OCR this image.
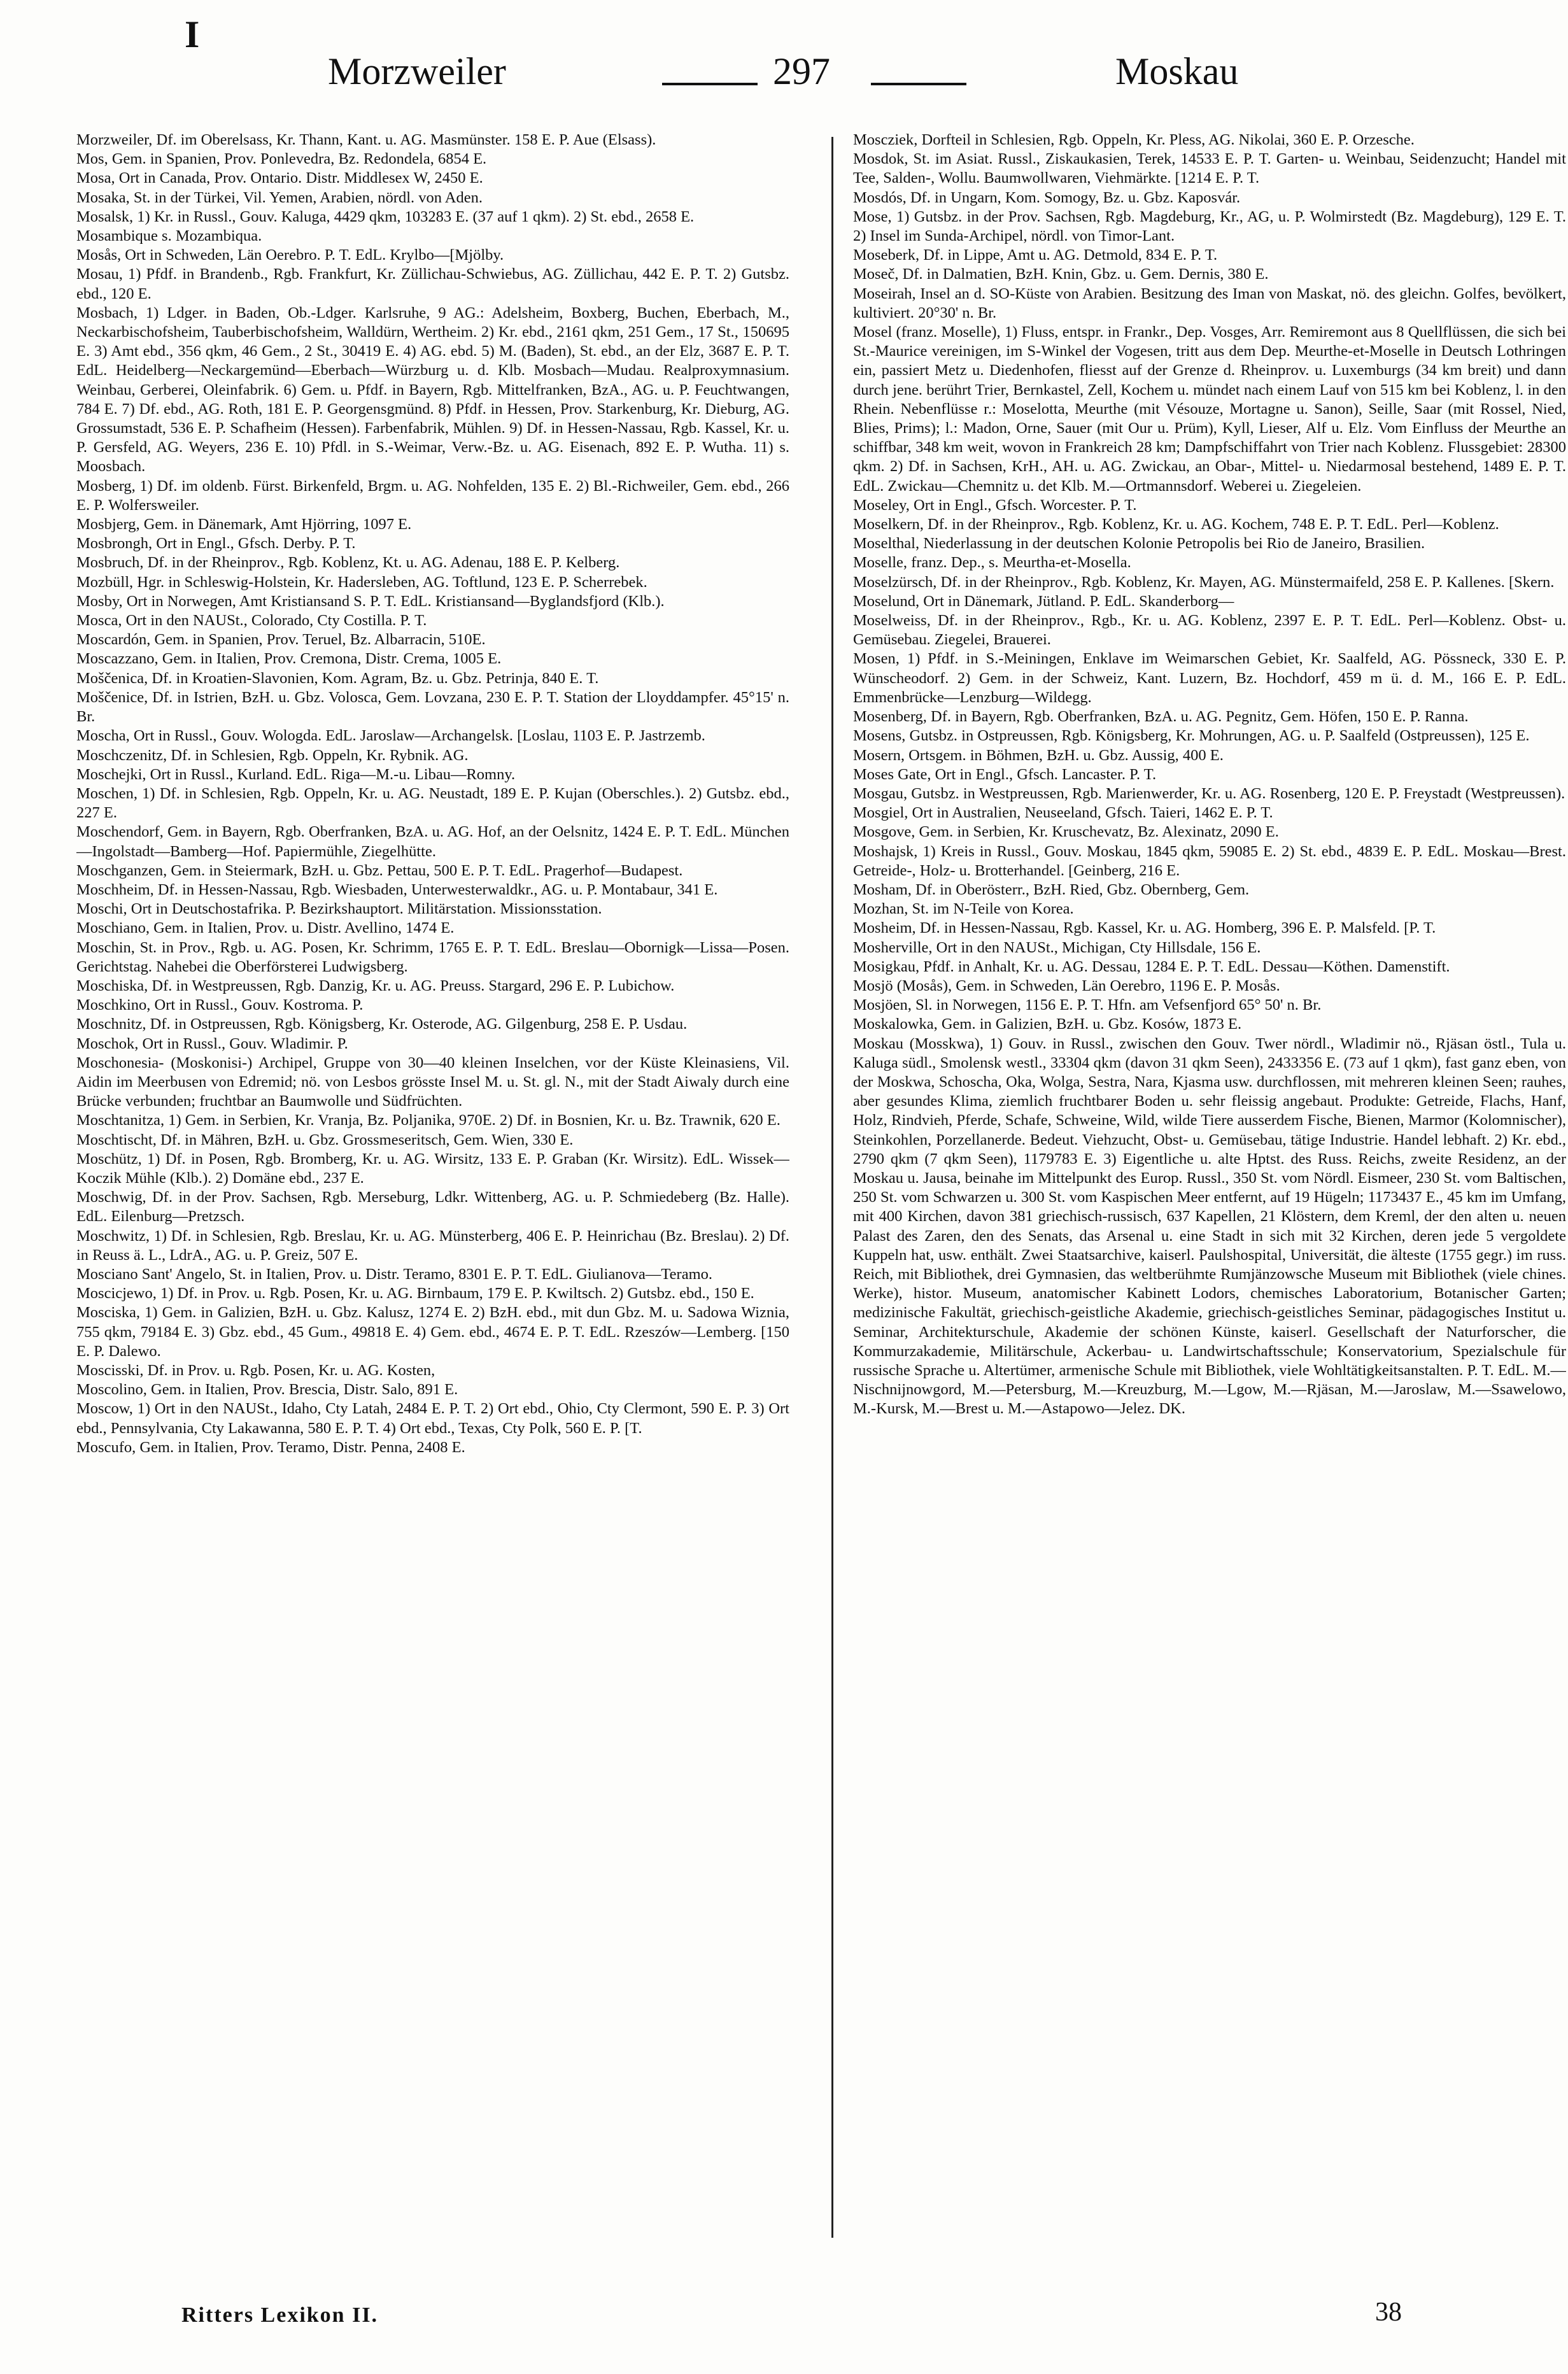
I
Morzweiler	297	Moskau

Morzweiler, Df. im Oberelsass, Kr. Thann, Kant. u. AG. Masmünster. 158 E. P. Aue (Elsass).

Mos, Gem. in Spanien, Prov. Ponlevedra, Bz. Redondela, 6854 E.

Mosa, Ort in Canada, Prov. Ontario. Distr. Middlesex W, 2450 E.

Mosaka, St. in der Türkei, Vil. Yemen, Arabien, nördl. von Aden.

Mosalsk, 1) Kr. in Russl., Gouv. Kaluga, 4429 qkm, 103283 E. (37 auf 1 qkm). 2) St. ebd., 2658 E.

Mosambique s. Mozambiqua.

Mosås, Ort in Schweden, Län Oerebro. P. T. EdL. Krylbo—[Mjölby.

Mosau, 1) Pfdf. in Brandenb., Rgb. Frankfurt, Kr. Züllichau-Schwiebus, AG. Züllichau, 442 E. P. T. 2) Gutsbz. ebd., 120 E.

Mosbach, 1) Ldger. in Baden, Ob.-Ldger. Karlsruhe, 9 AG.: Adelsheim, Boxberg, Buchen, Eberbach, M., Neckarbischofsheim, Tauberbischofsheim, Walldürn, Wertheim. 2) Kr. ebd., 2161 qkm, 251 Gem., 17 St., 150695 E. 3) Amt ebd., 356 qkm, 46 Gem., 2 St., 30419 E. 4) AG. ebd. 5) M. (Baden), St. ebd., an der Elz, 3687 E. P. T. EdL. Heidelberg—Neckargemünd—Eberbach—Würzburg u. d. Klb. Mosbach—Mudau. Realproxymnasium. Weinbau, Gerberei, Oleinfabrik. 6) Gem. u. Pfdf. in Bayern, Rgb. Mittelfranken, BzA., AG. u. P. Feuchtwangen, 784 E. 7) Df. ebd., AG. Roth, 181 E. P. Georgensgmünd. 8) Pfdf. in Hessen, Prov. Starkenburg, Kr. Dieburg, AG. Grossumstadt, 536 E. P. Schafheim (Hessen). Farbenfabrik, Mühlen. 9) Df. in Hessen-Nassau, Rgb. Kassel, Kr. u. P. Gersfeld, AG. Weyers, 236 E. 10) Pfdl. in S.-Weimar, Verw.-Bz. u. AG. Eisenach, 892 E. P. Wutha. 11) s. Moosbach.

Mosberg, 1) Df. im oldenb. Fürst. Birkenfeld, Brgm. u. AG. Nohfelden, 135 E. 2) Bl.-Richweiler, Gem. ebd., 266 E. P. Wolfersweiler.

Mosbjerg, Gem. in Dänemark, Amt Hjörring, 1097 E.

Mosbrongh, Ort in Engl., Gfsch. Derby. P. T.

Mosbruch, Df. in der Rheinprov., Rgb. Koblenz, Kt. u. AG. Adenau, 188 E. P. Kelberg.

Mozbüll, Hgr. in Schleswig-Holstein, Kr. Hadersleben, AG. Toftlund, 123 E. P. Scherrebek.

Mosby, Ort in Norwegen, Amt Kristiansand S. P. T. EdL. Kristiansand—Byglandsfjord (Klb.).

Mosca, Ort in den NAUSt., Colorado, Cty Costilla. P. T.

Moscardón, Gem. in Spanien, Prov. Teruel, Bz. Albarracin, 510E.

Moscazzano, Gem. in Italien, Prov. Cremona, Distr. Crema, 1005 E.

Moščenica, Df. in Kroatien-Slavonien, Kom. Agram, Bz. u. Gbz. Petrinja, 840 E. T.

Moščenice, Df. in Istrien, BzH. u. Gbz. Volosca, Gem. Lovzana, 230 E. P. T. Station der Lloyddampfer. 45°15' n. Br.

Moscha, Ort in Russl., Gouv. Wologda. EdL. Jaroslaw—Archangelsk. [Loslau, 1103 E. P. Jastrzemb.

Moschczenitz, Df. in Schlesien, Rgb. Oppeln, Kr. Rybnik. AG.

Moschejki, Ort in Russl., Kurland. EdL. Riga—M.-u. Libau—Romny.

Moschen, 1) Df. in Schlesien, Rgb. Oppeln, Kr. u. AG. Neustadt, 189 E. P. Kujan (Oberschles.). 2) Gutsbz. ebd., 227 E.

Moschendorf, Gem. in Bayern, Rgb. Oberfranken, BzA. u. AG. Hof, an der Oelsnitz, 1424 E. P. T. EdL. München—Ingolstadt—Bamberg—Hof. Papiermühle, Ziegelhütte.

Moschganzen, Gem. in Steiermark, BzH. u. Gbz. Pettau, 500 E. P. T. EdL. Pragerhof—Budapest.

Moschheim, Df. in Hessen-Nassau, Rgb. Wiesbaden, Unterwesterwaldkr., AG. u. P. Montabaur, 341 E.

Moschi, Ort in Deutschostafrika. P. Bezirkshauptort. Militärstation. Missionsstation.

Moschiano, Gem. in Italien, Prov. u. Distr. Avellino, 1474 E.

Moschin, St. in Prov., Rgb. u. AG. Posen, Kr. Schrimm, 1765 E. P. T. EdL. Breslau—Obornigk—Lissa—Posen. Gerichtstag. Nahebei die Oberförsterei Ludwigsberg.

Moschiska, Df. in Westpreussen, Rgb. Danzig, Kr. u. AG. Preuss. Stargard, 296 E. P. Lubichow.

Moschkino, Ort in Russl., Gouv. Kostroma. P.

Moschnitz, Df. in Ostpreussen, Rgb. Königsberg, Kr. Osterode, AG. Gilgenburg, 258 E. P. Usdau.

Moschok, Ort in Russl., Gouv. Wladimir. P.

Moschonesia- (Moskonisi-) Archipel, Gruppe von 30—40 kleinen Inselchen, vor der Küste Kleinasiens, Vil. Aidin im Meerbusen von Edremid; nö. von Lesbos grösste Insel M. u. St. gl. N., mit der Stadt Aiwaly durch eine Brücke verbunden; fruchtbar an Baumwolle und Südfrüchten.

Moschtanitza, 1) Gem. in Serbien, Kr. Vranja, Bz. Poljanika, 970E. 2) Df. in Bosnien, Kr. u. Bz. Trawnik, 620 E.

Moschtischt, Df. in Mähren, BzH. u. Gbz. Grossmeseritsch, Gem. Wien, 330 E.

Moschütz, 1) Df. in Posen, Rgb. Bromberg, Kr. u. AG. Wirsitz, 133 E. P. Graban (Kr. Wirsitz). EdL. Wissek—Koczik Mühle (Klb.). 2) Domäne ebd., 237 E.

Moschwig, Df. in der Prov. Sachsen, Rgb. Merseburg, Ldkr. Wittenberg, AG. u. P. Schmiedeberg (Bz. Halle). EdL. Eilenburg—Pretzsch.

Moschwitz, 1) Df. in Schlesien, Rgb. Breslau, Kr. u. AG. Münsterberg, 406 E. P. Heinrichau (Bz. Breslau). 2) Df. in Reuss ä. L., LdrA., AG. u. P. Greiz, 507 E.

Mosciano Sant' Angelo, St. in Italien, Prov. u. Distr. Teramo, 8301 E. P. T. EdL. Giulianova—Teramo.

Moscicjewo, 1) Df. in Prov. u. Rgb. Posen, Kr. u. AG. Birnbaum, 179 E. P. Kwiltsch. 2) Gutsbz. ebd., 150 E.

Mosciska, 1) Gem. in Galizien, BzH. u. Gbz. Kalusz, 1274 E. 2) BzH. ebd., mit dun Gbz. M. u. Sadowa Wiznia, 755 qkm, 79184 E. 3) Gbz. ebd., 45 Gum., 49818 E. 4) Gem. ebd., 4674 E. P. T. EdL. Rzeszów—Lemberg. [150 E. P. Dalewo.

Moscisski, Df. in Prov. u. Rgb. Posen, Kr. u. AG. Kosten,

Moscolino, Gem. in Italien, Prov. Brescia, Distr. Salo, 891 E.

Moscow, 1) Ort in den NAUSt., Idaho, Cty Latah, 2484 E. P. T. 2) Ort ebd., Ohio, Cty Clermont, 590 E. P. 3) Ort ebd., Pennsylvania, Cty Lakawanna, 580 E. P. T. 4) Ort ebd., Texas, Cty Polk, 560 E. P. [T.

Moscufo, Gem. in Italien, Prov. Teramo, Distr. Penna, 2408 E.

Moscziek, Dorfteil in Schlesien, Rgb. Oppeln, Kr. Pless, AG. Nikolai, 360 E. P. Orzesche.

Mosdok, St. im Asiat. Russl., Ziskaukasien, Terek, 14533 E. P. T. Garten- u. Weinbau, Seidenzucht; Handel mit Tee, Salden-, Wollu. Baumwollwaren, Viehmärkte. [1214 E. P. T.

Mosdós, Df. in Ungarn, Kom. Somogy, Bz. u. Gbz. Kaposvár.

Mose, 1) Gutsbz. in der Prov. Sachsen, Rgb. Magdeburg, Kr., AG, u. P. Wolmirstedt (Bz. Magdeburg), 129 E. T. 2) Insel im Sunda-Archipel, nördl. von Timor-Lant.

Moseberk, Df. in Lippe, Amt u. AG. Detmold, 834 E. P. T.

Moseč, Df. in Dalmatien, BzH. Knin, Gbz. u. Gem. Dernis, 380 E.

Moseirah, Insel an d. SO-Küste von Arabien. Besitzung des Iman von Maskat, nö. des gleichn. Golfes, bevölkert, kultiviert. 20°30' n. Br.

Mosel (franz. Moselle), 1) Fluss, entspr. in Frankr., Dep. Vosges, Arr. Remiremont aus 8 Quellflüssen, die sich bei St.-Maurice vereinigen, im S-Winkel der Vogesen, tritt aus dem Dep. Meurthe-et-Moselle in Deutsch Lothringen ein, passiert Metz u. Diedenhofen, fliesst auf der Grenze d. Rheinprov. u. Luxemburgs (34 km breit) und dann durch jene. berührt Trier, Bernkastel, Zell, Kochem u. mündet nach einem Lauf von 515 km bei Koblenz, l. in den Rhein. Nebenflüsse r.: Moselotta, Meurthe (mit Vésouze, Mortagne u. Sanon), Seille, Saar (mit Rossel, Nied, Blies, Prims); l.: Madon, Orne, Sauer (mit Our u. Prüm), Kyll, Lieser, Alf u. Elz. Vom Einfluss der Meurthe an schiffbar, 348 km weit, wovon in Frankreich 28 km; Dampfschiffahrt von Trier nach Koblenz. Flussgebiet: 28300 qkm. 2) Df. in Sachsen, KrH., AH. u. AG. Zwickau, an Obar-, Mittel- u. Niedarmosal bestehend, 1489 E. P. T. EdL. Zwickau—Chemnitz u. det Klb. M.—Ortmannsdorf. Weberei u. Ziegeleien.

Moseley, Ort in Engl., Gfsch. Worcester. P. T.

Moselkern, Df. in der Rheinprov., Rgb. Koblenz, Kr. u. AG. Kochem, 748 E. P. T. EdL. Perl—Koblenz.

Moselthal, Niederlassung in der deutschen Kolonie Petropolis bei Rio de Janeiro, Brasilien.

Moselle, franz. Dep., s. Meurtha-et-Mosella.

Moselzürsch, Df. in der Rheinprov., Rgb. Koblenz, Kr. Mayen, AG. Münstermaifeld, 258 E. P. Kallenes. [Skern.

Moselund, Ort in Dänemark, Jütland. P. EdL. Skanderborg—

Moselweiss, Df. in der Rheinprov., Rgb., Kr. u. AG. Koblenz, 2397 E. P. T. EdL. Perl—Koblenz. Obst- u. Gemüsebau. Ziegelei, Brauerei.

Mosen, 1) Pfdf. in S.-Meiningen, Enklave im Weimarschen Gebiet, Kr. Saalfeld, AG. Pössneck, 330 E. P. Wünscheodorf. 2) Gem. in der Schweiz, Kant. Luzern, Bz. Hochdorf, 459 m ü. d. M., 166 E. P. EdL. Emmenbrücke—Lenzburg—Wildegg.

Mosenberg, Df. in Bayern, Rgb. Oberfranken, BzA. u. AG. Pegnitz, Gem. Höfen, 150 E. P. Ranna.

Mosens, Gutsbz. in Ostpreussen, Rgb. Königsberg, Kr. Mohrungen, AG. u. P. Saalfeld (Ostpreussen), 125 E.

Mosern, Ortsgem. in Böhmen, BzH. u. Gbz. Aussig, 400 E.

Moses Gate, Ort in Engl., Gfsch. Lancaster. P. T.

Mosgau, Gutsbz. in Westpreussen, Rgb. Marienwerder, Kr. u. AG. Rosenberg, 120 E. P. Freystadt (Westpreussen).

Mosgiel, Ort in Australien, Neuseeland, Gfsch. Taieri, 1462 E. P. T.

Mosgove, Gem. in Serbien, Kr. Kruschevatz, Bz. Alexinatz, 2090 E.

Moshajsk, 1) Kreis in Russl., Gouv. Moskau, 1845 qkm, 59085 E. 2) St. ebd., 4839 E. P. EdL. Moskau—Brest. Getreide-, Holz- u. Brotterhandel. [Geinberg, 216 E.

Mosham, Df. in Oberösterr., BzH. Ried, Gbz. Obernberg, Gem.

Mozhan, St. im N-Teile von Korea.

Mosheim, Df. in Hessen-Nassau, Rgb. Kassel, Kr. u. AG. Homberg, 396 E. P. Malsfeld. [P. T.

Mosherville, Ort in den NAUSt., Michigan, Cty Hillsdale, 156 E.

Mosigkau, Pfdf. in Anhalt, Kr. u. AG. Dessau, 1284 E. P. T. EdL. Dessau—Köthen. Damenstift.

Mosjö (Mosås), Gem. in Schweden, Län Oerebro, 1196 E. P. Mosås.

Mosjöen, Sl. in Norwegen, 1156 E. P. T. Hfn. am Vefsenfjord 65° 50' n. Br.

Moskalowka, Gem. in Galizien, BzH. u. Gbz. Kosów, 1873 E.

Moskau (Mosskwa), 1) Gouv. in Russl., zwischen den Gouv. Twer nördl., Wladimir nö., Rjäsan östl., Tula u. Kaluga südl., Smolensk westl., 33304 qkm (davon 31 qkm Seen), 2433356 E. (73 auf 1 qkm), fast ganz eben, von der Moskwa, Schoscha, Oka, Wolga, Sestra, Nara, Kjasma usw. durchflossen, mit mehreren kleinen Seen; rauhes, aber gesundes Klima, ziemlich fruchtbarer Boden u. sehr fleissig angebaut. Produkte: Getreide, Flachs, Hanf, Holz, Rindvieh, Pferde, Schafe, Schweine, Wild, wilde Tiere ausserdem Fische, Bienen, Marmor (Kolomnischer), Steinkohlen, Porzellanerde. Bedeut. Viehzucht, Obst- u. Gemüsebau, tätige Industrie. Handel lebhaft. 2) Kr. ebd., 2790 qkm (7 qkm Seen), 1179783 E. 3) Eigentliche u. alte Hptst. des Russ. Reichs, zweite Residenz, an der Moskau u. Jausa, beinahe im Mittelpunkt des Europ. Russl., 350 St. vom Nördl. Eismeer, 230 St. vom Baltischen, 250 St. vom Schwarzen u. 300 St. vom Kaspischen Meer entfernt, auf 19 Hügeln; 1173437 E., 45 km im Umfang, mit 400 Kirchen, davon 381 griechisch-russisch, 637 Kapellen, 21 Klöstern, dem Kreml, der den alten u. neuen Palast des Zaren, den des Senats, das Arsenal u. eine Stadt in sich mit 32 Kirchen, deren jede 5 vergoldete Kuppeln hat, usw. enthält. Zwei Staatsarchive, kaiserl. Paulshospital, Universität, die älteste (1755 gegr.) im russ. Reich, mit Bibliothek, drei Gymnasien, das weltberühmte Rumjänzowsche Museum mit Bibliothek (viele chines. Werke), histor. Museum, anatomischer Kabinett Lodors, chemisches Laboratorium, Botanischer Garten; medizinische Fakultät, griechisch-geistliche Akademie, griechisch-geistliches Seminar, pädagogisches Institut u. Seminar, Architekturschule, Akademie der schönen Künste, kaiserl. Gesellschaft der Naturforscher, die Kommurzakademie, Militärschule, Ackerbau- u. Landwirtschaftsschule; Konservatorium, Spezialschule für russische Sprache u. Altertümer, armenische Schule mit Bibliothek, viele Wohltätigkeitsanstalten. P. T. EdL. M.—Nischnijnowgord, M.—Petersburg, M.—Kreuzburg, M.—Lgow, M.—Rjäsan, M.—Jaroslaw, M.—Ssawelowo, M.-Kursk, M.—Brest u. M.—Astapowo—Jelez. DK.

Ritters Lexikon II.	38
